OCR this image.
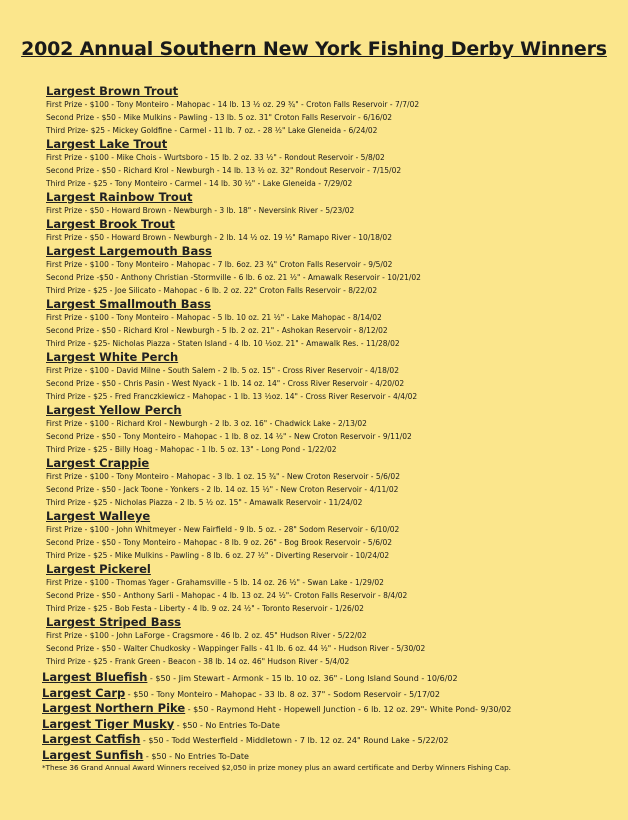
2002 Annual Southern New York Fishing Derby Winners
Largest Brown Trout
First Prize - $100 - Tony Monteiro - Mahopac - 14 lb. 13 ½ oz. 29 ¾" - Croton Falls Reservoir - 7/7/02
Second Prize - $50 - Mike Mulkins - Pawling - 13 lb. 5 oz. 31" Croton Falls Reservoir - 6/16/02
Third Prize- $25 - Mickey Goldfine - Carmel - 11 lb. 7 oz. - 28 ½" Lake Gleneida - 6/24/02
Largest Lake Trout
First Prize - $100 - Mike Chois - Wurtsboro - 15 lb. 2 oz. 33 ½" - Rondout Reservoir - 5/8/02
Second Prize - $50 - Richard Krol - Newburgh - 14 lb. 13 ½ oz. 32" Rondout Reservoir - 7/15/02
Third Prize - $25 - Tony Monteiro - Carmel - 14 lb. 30 ½" - Lake Gleneida - 7/29/02
Largest Rainbow Trout
First Prize - $50 - Howard Brown - Newburgh - 3 lb. 18" - Neversink River - 5/23/02
Largest Brook Trout
First Prize - $50 - Howard Brown - Newburgh - 2 lb. 14 ½ oz. 19 ½" Ramapo River - 10/18/02
Largest Largemouth Bass
First Prize - $100 - Tony Monteiro - Mahopac - 7 lb. 6oz. 23 ¾" Croton Falls Reservoir - 9/5/02
Second Prize -$50 - Anthony Christian -Stormville - 6 lb. 6 oz. 21 ½" - Amawalk Reservoir - 10/21/02
Third Prize - $25 - Joe Silicato - Mahopac - 6 lb. 2 oz. 22" Croton Falls Reservoir - 8/22/02
Largest Smallmouth Bass
First Prize - $100 - Tony Monteiro - Mahopac - 5 lb. 10 oz. 21 ½" - Lake Mahopac - 8/14/02
Second Prize - $50 - Richard Krol - Newburgh - 5 lb. 2 oz. 21" - Ashokan Reservoir - 8/12/02
Third Prize - $25- Nicholas Piazza - Staten Island - 4 lb. 10 ½oz. 21" - Amawalk Res. - 11/28/02
Largest White Perch
First Prize - $100 - David Milne - South Salem - 2 lb. 5 oz. 15" - Cross River Reservoir - 4/18/02
Second Prize - $50 - Chris Pasin - West Nyack - 1 lb. 14 oz. 14" - Cross River Reservoir - 4/20/02
Third Prize - $25 - Fred Franczkiewicz - Mahopac - 1 lb. 13 ½oz. 14" - Cross River Reservoir - 4/4/02
Largest Yellow Perch
First Prize - $100 - Richard Krol - Newburgh - 2 lb. 3 oz. 16" - Chadwick Lake - 2/13/02
Second Prize - $50 - Tony Monteiro - Mahopac - 1 lb. 8 oz. 14 ½" - New Croton Reservoir - 9/11/02
Third Prize - $25 - Billy Hoag - Mahopac - 1 lb. 5 oz. 13" - Long Pond - 1/22/02
Largest Crappie
First Prize - $100 - Tony Monteiro - Mahopac - 3 lb. 1 oz. 15 ¾" - New Croton Reservoir - 5/6/02
Second Prize - $50 - Jack Toone - Yonkers - 2 lb. 14 oz. 15 ½" - New Croton Reservoir - 4/11/02
Third Prize - $25 - Nicholas Piazza - 2 lb. 5 ½ oz. 15" - Amawalk Reservoir - 11/24/02
Largest Walleye
First Prize - $100 - John Whitmeyer - New Fairfield - 9 lb. 5 oz. - 28" Sodom Reservoir - 6/10/02
Second Prize - $50 - Tony Monteiro - Mahopac - 8 lb. 9 oz. 26" - Bog Brook Reservoir - 5/6/02
Third Prize - $25 - Mike Mulkins - Pawling - 8 lb. 6 oz. 27 ½" - Diverting Reservoir - 10/24/02
Largest Pickerel
First Prize - $100 - Thomas Yager - Grahamsville - 5 lb. 14 oz. 26 ½" - Swan Lake - 1/29/02
Second Prize - $50 - Anthony Sarli - Mahopac - 4 lb. 13 oz. 24 ½"- Croton Falls Reservoir - 8/4/02
Third Prize - $25 - Bob Festa - Liberty - 4 lb. 9 oz. 24 ½" - Toronto Reservoir - 1/26/02
Largest Striped Bass
First Prize - $100 - John LaForge - Cragsmore - 46 lb. 2 oz. 45" Hudson River - 5/22/02
Second Prize - $50 - Walter Chudkosky - Wappinger Falls - 41 lb. 6 oz. 44 ½" - Hudson River - 5/30/02
Third Prize - $25 - Frank Green - Beacon - 38 lb. 14 oz. 46" Hudson River - 5/4/02
Largest Bluefish - $50 - Jim Stewart - Armonk - 15 lb. 10 oz. 36" - Long Island Sound - 10/6/02
Largest Carp - $50 - Tony Monteiro - Mahopac - 33 lb. 8 oz. 37" - Sodom Reservoir - 5/17/02
Largest Northern Pike - $50 - Raymond Heht - Hopewell Junction - 6 lb. 12 oz. 29"- White Pond- 9/30/02
Largest Tiger Musky - $50 - No Entries To-Date
Largest Catfish - $50 - Todd Westerfield - Middletown - 7 lb. 12 oz. 24" Round Lake - 5/22/02
Largest Sunfish - $50 - No Entries To-Date
*These 36 Grand Annual Award Winners received $2,050 in prize money plus an award certificate and Derby Winners Fishing Cap.
